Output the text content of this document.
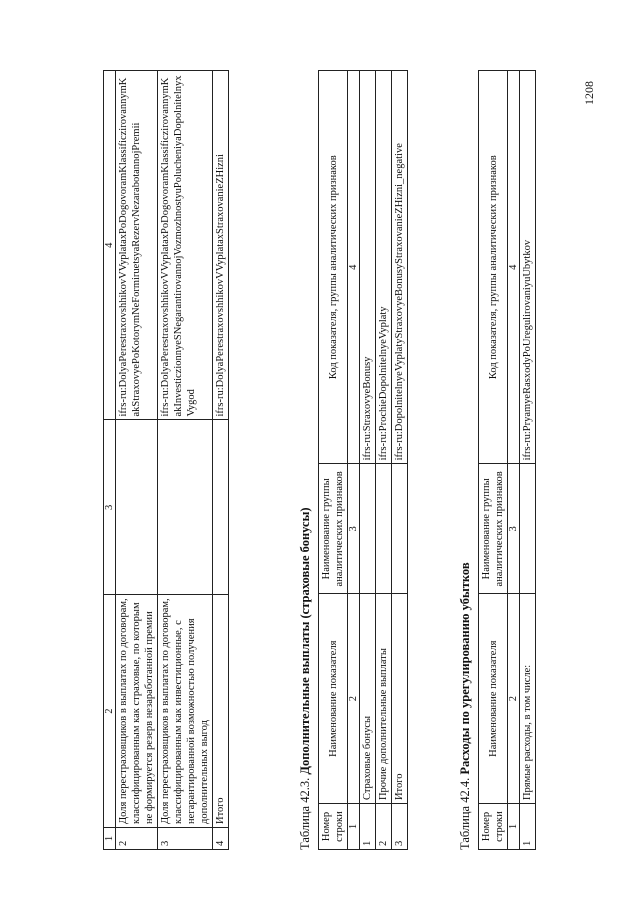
1	2	3	4
2	Доля перестраховщиков в выплатах по договорам, классифицированным как страховые, по которым не формируется резерв незаработанной премии		ifrs-ru:DolyaPerestraxovshhikovVVyplataxPoDogovoramKlassificzirovannymKakStraxovyePoKotorymNeFormiruetsyaRezervNezarabotannojPremii
3	Доля перестраховщиков в выплатах по договорам, классифицированным как инвестиционные, с негарантированной возможностью получения дополнительных выгод		ifrs-ru:DolyaPerestraxovshhikovVVyplataxPoDogovoramKlassificzirovannymKakInvesticzionnyeSNegarantirovannojVozmozhnostyuPolucheniyaDopolnitelnyxVygod
4	Итого		ifrs-ru:DolyaPerestraxovshhikovVVyplataxStraxovanieZHizni
Таблица 42.3. Дополнительные выплаты (страховые бонусы)
Номер строки	Наименование показателя	Наименование группы аналитических признаков	Код показателя, группы аналитических признаков
1	2	3	4
1	Страховые бонусы		ifrs-ru:StraxovyeBonusy
2	Прочие дополнительные выплаты		ifrs-ru:ProchieDopolnitelnyeVyplaty
3	Итого		ifrs-ru:DopolnitelnyeVyplatyStraxovyeBonusyStraxovanieZHizni_negative
Таблица 42.4. Расходы по урегулированию убытков
Номер строки	Наименование показателя	Наименование группы аналитических признаков	Код показателя, группы аналитических признаков
1	2	3	4
1	Прямые расходы, в том числе:		ifrs-ru:PryamyeRasxodyPoUregulirovaniyuUbytkov
1208
